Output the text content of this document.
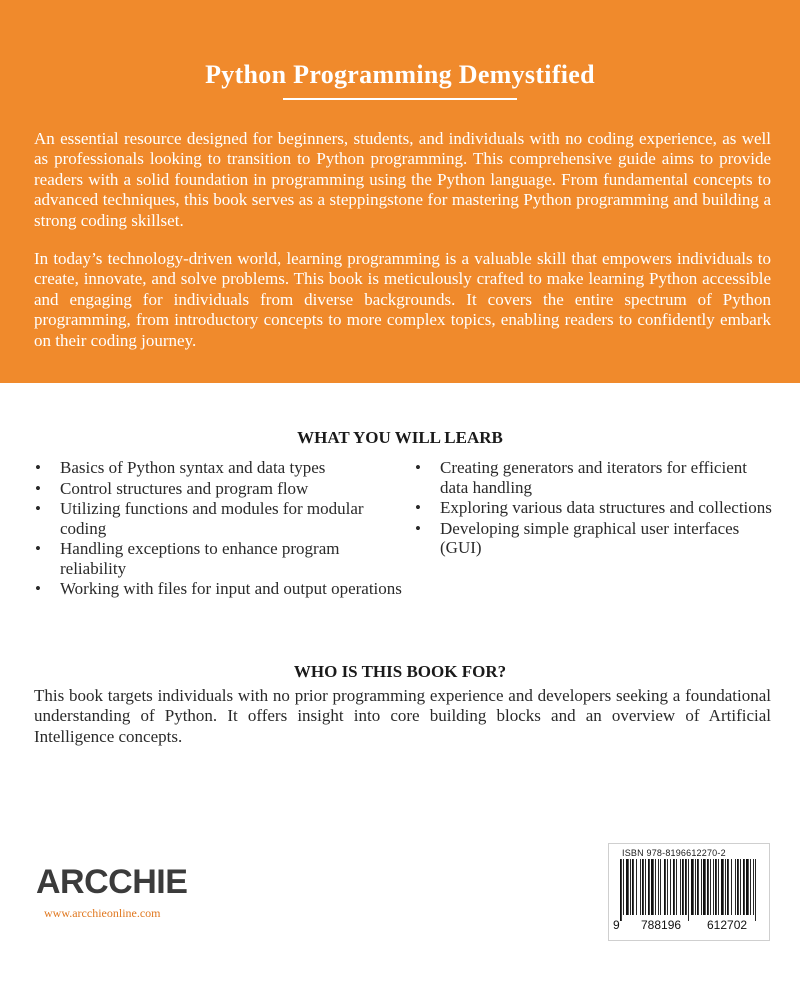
Python Programming Demystified

An essential resource designed for beginners, students, and individuals with no coding experience, as well as professionals looking to transition to Python programming. This comprehensive guide aims to provide readers with a solid foundation in programming using the Python language. From fundamental concepts to advanced techniques, this book serves as a steppingstone for mastering Python programming and building a strong coding skillset.

In today’s technology-driven world, learning programming is a valuable skill that empowers individuals to create, innovate, and solve problems. This book is meticulously crafted to make learning Python accessible and engaging for individuals from diverse backgrounds. It covers the entire spectrum of Python programming, from introductory concepts to more complex topics, enabling readers to confidently embark on their coding journey.

WHAT YOU WILL LEARB
• Basics of Python syntax and data types
• Control structures and program flow
• Utilizing functions and modules for modular coding
• Handling exceptions to enhance program reliability
• Working with files for input and output operations
• Creating generators and iterators for efficient data handling
• Exploring various data structures and collections
• Developing simple graphical user interfaces (GUI)
WHO IS THIS BOOK FOR?

This book targets individuals with no prior programming experience and developers seeking a foundational understanding of Python. It offers insight into core building blocks and an overview of Artificial Intelligence concepts.

ARCCHIE
www.arcchieonline.com
ISBN 978-8196612270-2
9 788196 612702
